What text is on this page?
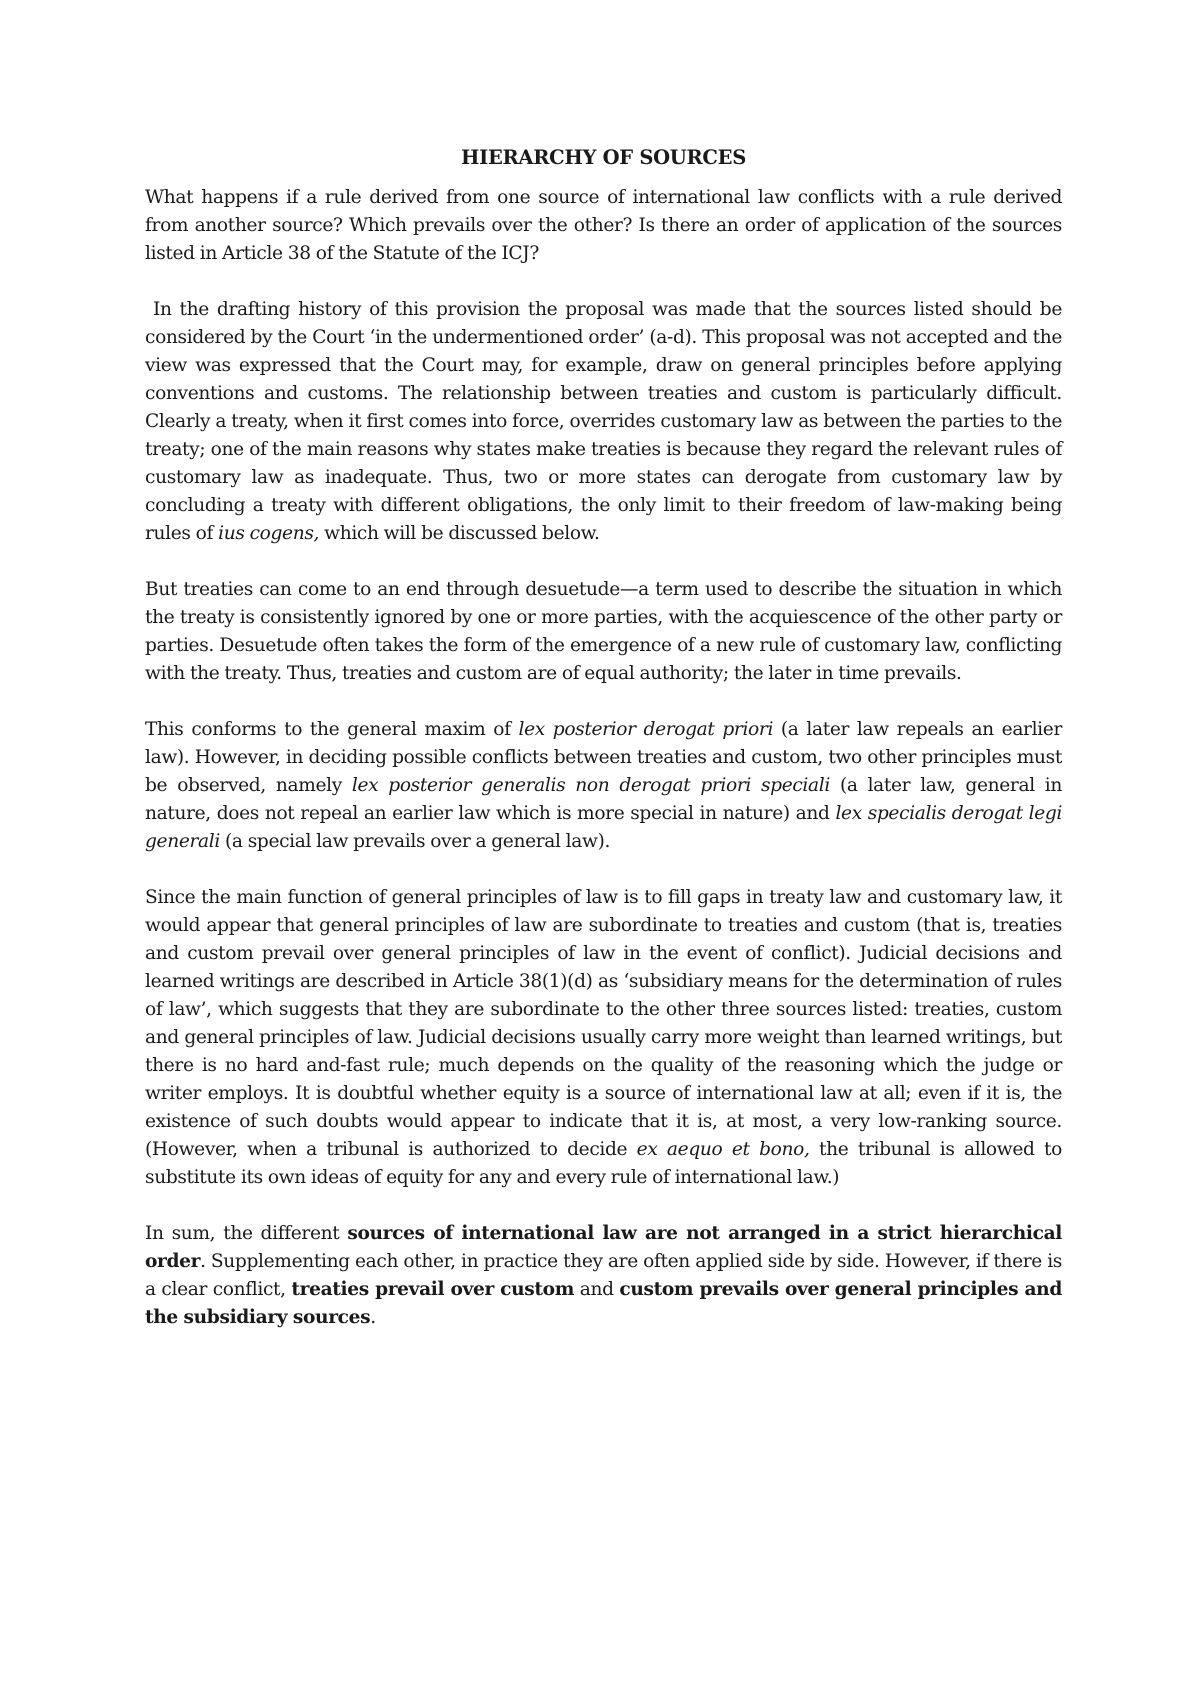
HIERARCHY OF SOURCES

What happens if a rule derived from one source of international law conflicts with a rule derived from another source? Which prevails over the other? Is there an order of application of the sources listed in Article 38 of the Statute of the ICJ?

In the drafting history of this provision the proposal was made that the sources listed should be considered by the Court ‘in the undermentioned order’ (a-d). This proposal was not accepted and the view was expressed that the Court may, for example, draw on general principles before applying conventions and customs. The relationship between treaties and custom is particularly difficult. Clearly a treaty, when it first comes into force, overrides customary law as between the parties to the treaty; one of the main reasons why states make treaties is because they regard the relevant rules of customary law as inadequate. Thus, two or more states can derogate from customary law by concluding a treaty with different obligations, the only limit to their freedom of law-making being rules of ius cogens, which will be discussed below.

But treaties can come to an end through desuetude—a term used to describe the situation in which the treaty is consistently ignored by one or more parties, with the acquiescence of the other party or parties. Desuetude often takes the form of the emergence of a new rule of customary law, conflicting with the treaty. Thus, treaties and custom are of equal authority; the later in time prevails.

This conforms to the general maxim of lex posterior derogat priori (a later law repeals an earlier law). However, in deciding possible conflicts between treaties and custom, two other principles must be observed, namely lex posterior generalis non derogat priori speciali (a later law, general in nature, does not repeal an earlier law which is more special in nature) and lex specialis derogat legi generali (a special law prevails over a general law).

Since the main function of general principles of law is to fill gaps in treaty law and customary law, it would appear that general principles of law are subordinate to treaties and custom (that is, treaties and custom prevail over general principles of law in the event of conflict). Judicial decisions and learned writings are described in Article 38(1)(d) as ‘subsidiary means for the determination of rules of law’, which suggests that they are subordinate to the other three sources listed: treaties, custom and general principles of law. Judicial decisions usually carry more weight than learned writings, but there is no hard and-fast rule; much depends on the quality of the reasoning which the judge or writer employs. It is doubtful whether equity is a source of international law at all; even if it is, the existence of such doubts would appear to indicate that it is, at most, a very low-ranking source. (However, when a tribunal is authorized to decide ex aequo et bono, the tribunal is allowed to substitute its own ideas of equity for any and every rule of international law.)

In sum, the different sources of international law are not arranged in a strict hierarchical order. Supplementing each other, in practice they are often applied side by side. However, if there is a clear conflict, treaties prevail over custom and custom prevails over general principles and the subsidiary sources.
